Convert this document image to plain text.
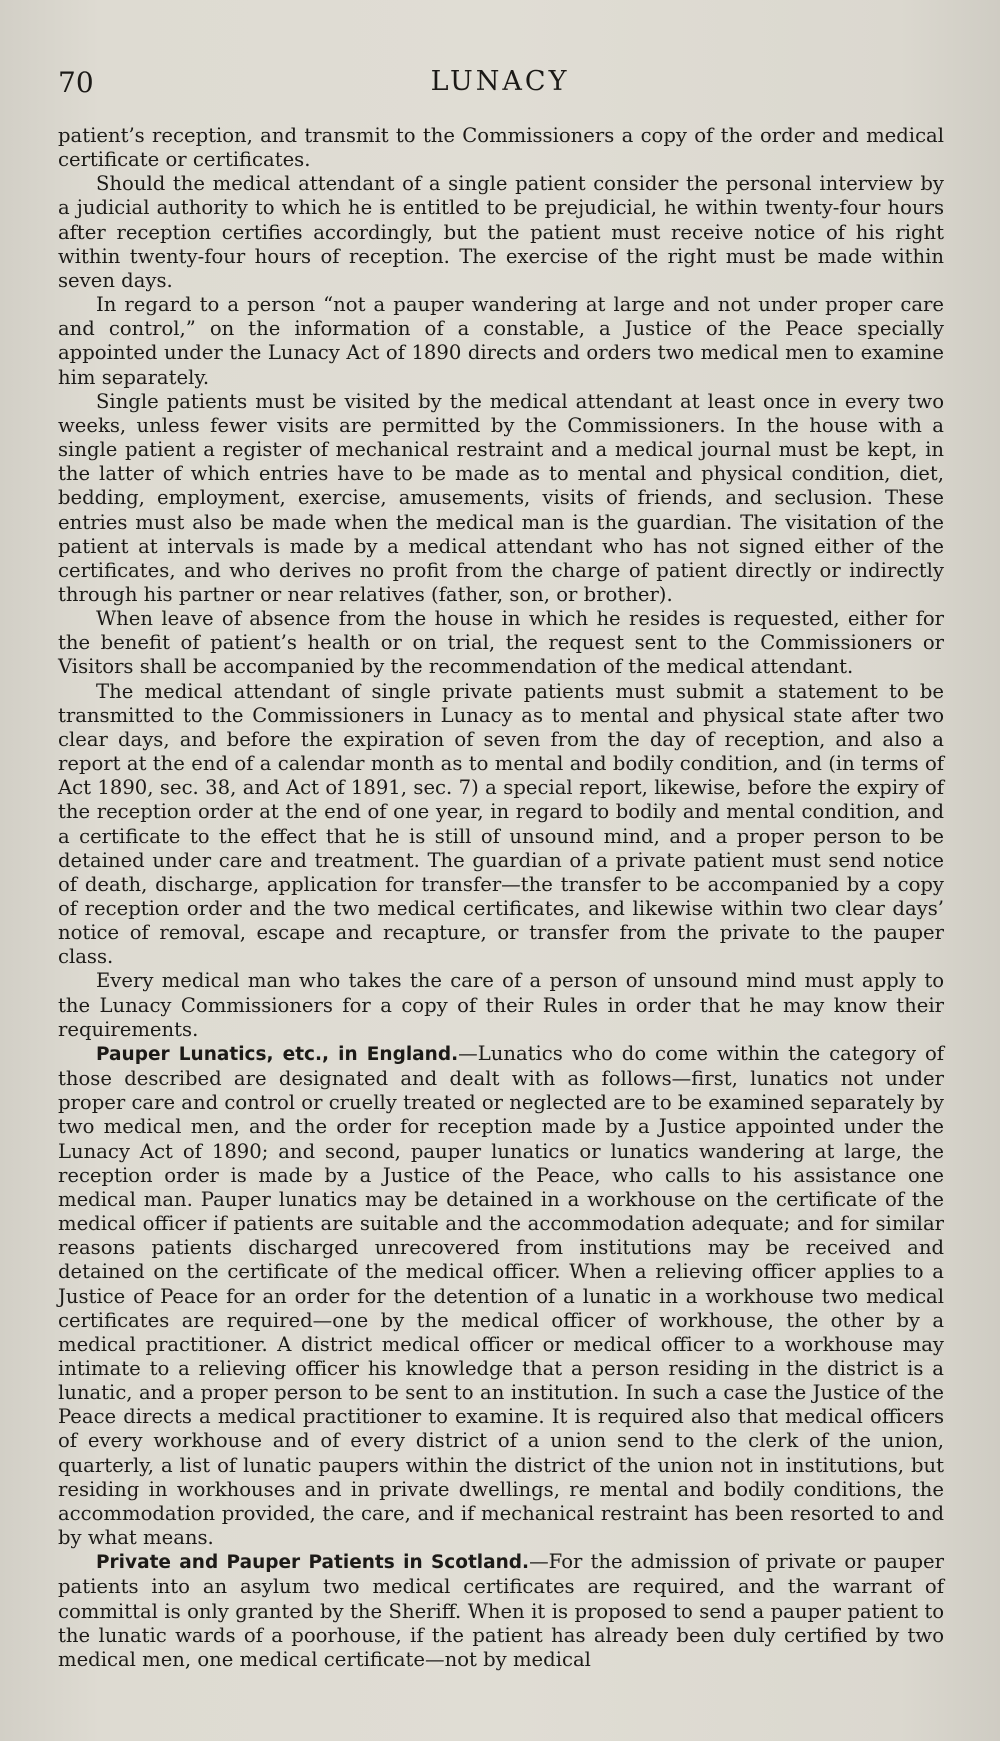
70	LUNACY

patient’s reception, and transmit to the Commissioners a copy of the order and medical certificate or certificates.

Should the medical attendant of a single patient consider the personal interview by a judicial authority to which he is entitled to be prejudicial, he within twenty-four hours after reception certifies accordingly, but the patient must receive notice of his right within twenty-four hours of reception. The exercise of the right must be made within seven days.

In regard to a person “not a pauper wandering at large and not under proper care and control,” on the information of a constable, a Justice of the Peace specially appointed under the Lunacy Act of 1890 directs and orders two medical men to examine him separately.

Single patients must be visited by the medical attendant at least once in every two weeks, unless fewer visits are permitted by the Commissioners. In the house with a single patient a register of mechanical restraint and a medical journal must be kept, in the latter of which entries have to be made as to mental and physical condition, diet, bedding, employment, exercise, amusements, visits of friends, and seclusion. These entries must also be made when the medical man is the guardian. The visitation of the patient at intervals is made by a medical attendant who has not signed either of the certificates, and who derives no profit from the charge of patient directly or indirectly through his partner or near relatives (father, son, or brother).

When leave of absence from the house in which he resides is requested, either for the benefit of patient’s health or on trial, the request sent to the Commissioners or Visitors shall be accompanied by the recommendation of the medical attendant.

The medical attendant of single private patients must submit a statement to be transmitted to the Commissioners in Lunacy as to mental and physical state after two clear days, and before the expiration of seven from the day of reception, and also a report at the end of a calendar month as to mental and bodily condition, and (in terms of Act 1890, sec. 38, and Act of 1891, sec. 7) a special report, likewise, before the expiry of the reception order at the end of one year, in regard to bodily and mental condition, and a certificate to the effect that he is still of unsound mind, and a proper person to be detained under care and treatment. The guardian of a private patient must send notice of death, discharge, application for transfer—the transfer to be accompanied by a copy of reception order and the two medical certificates, and likewise within two clear days’ notice of removal, escape and recapture, or transfer from the private to the pauper class.

Every medical man who takes the care of a person of unsound mind must apply to the Lunacy Commissioners for a copy of their Rules in order that he may know their requirements.

Pauper Lunatics, etc., in England.—Lunatics who do come within the category of those described are designated and dealt with as follows—first, lunatics not under proper care and control or cruelly treated or neglected are to be examined separately by two medical men, and the order for reception made by a Justice appointed under the Lunacy Act of 1890; and second, pauper lunatics or lunatics wandering at large, the reception order is made by a Justice of the Peace, who calls to his assistance one medical man. Pauper lunatics may be detained in a workhouse on the certificate of the medical officer if patients are suitable and the accommodation adequate; and for similar reasons patients discharged unrecovered from institutions may be received and detained on the certificate of the medical officer. When a relieving officer applies to a Justice of Peace for an order for the detention of a lunatic in a workhouse two medical certificates are required—one by the medical officer of workhouse, the other by a medical practitioner. A district medical officer or medical officer to a workhouse may intimate to a relieving officer his knowledge that a person residing in the district is a lunatic, and a proper person to be sent to an institution. In such a case the Justice of the Peace directs a medical practitioner to examine. It is required also that medical officers of every workhouse and of every district of a union send to the clerk of the union, quarterly, a list of lunatic paupers within the district of the union not in institutions, but residing in workhouses and in private dwellings, re mental and bodily conditions, the accommodation provided, the care, and if mechanical restraint has been resorted to and by what means.

Private and Pauper Patients in Scotland.—For the admission of private or pauper patients into an asylum two medical certificates are required, and the warrant of committal is only granted by the Sheriff. When it is proposed to send a pauper patient to the lunatic wards of a poorhouse, if the patient has already been duly certified by two medical men, one medical certificate—not by medical
